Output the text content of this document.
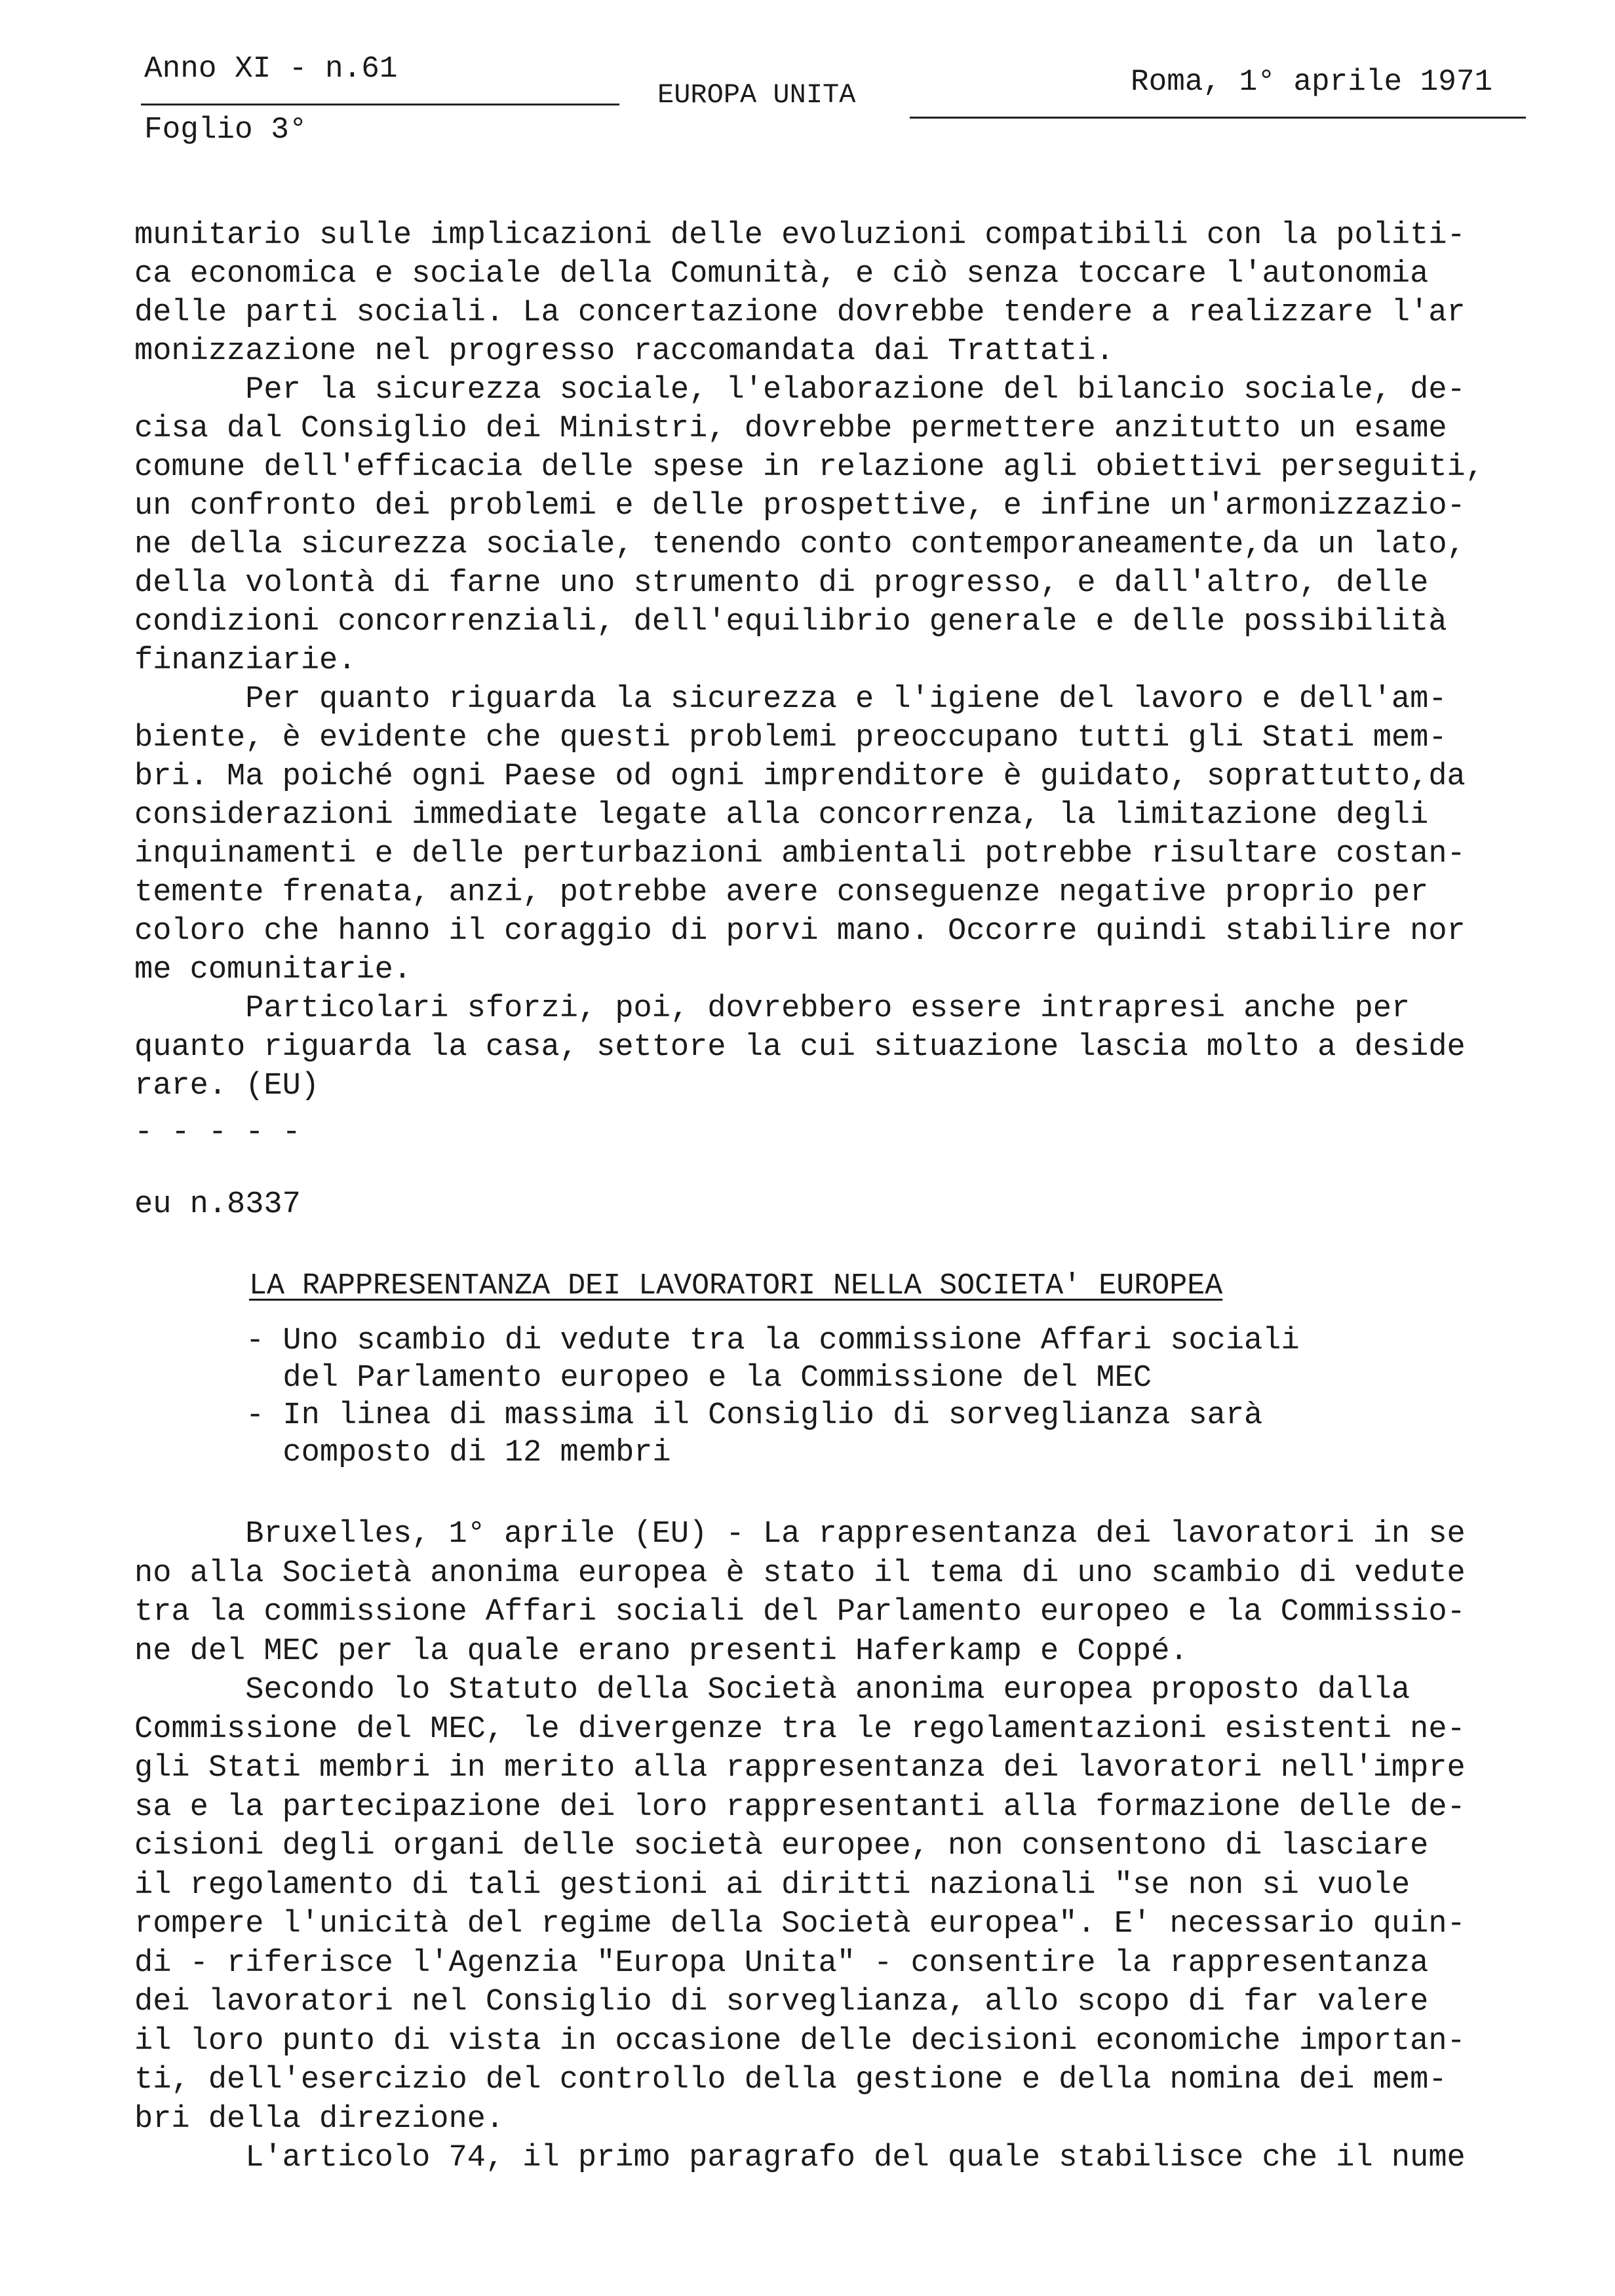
Anno XI - n.61
Foglio 3°
EUROPA UNITA	Roma, 1° aprile 1971
munitario sulle implicazioni delle evoluzioni compatibili con la politi-
ca economica e sociale della Comunità, e ciò senza toccare l'autonomia
delle parti sociali. La concertazione dovrebbe tendere a realizzare l'ar
monizzazione nel progresso raccomandata dai Trattati.
Per la sicurezza sociale, l'elaborazione del bilancio sociale, de-
cisa dal Consiglio dei Ministri, dovrebbe permettere anzitutto un esame
comune dell'efficacia delle spese in relazione agli obiettivi perseguiti,
un confronto dei problemi e delle prospettive, e infine un'armonizzazio-
ne della sicurezza sociale, tenendo conto contemporaneamente,da un lato,
della volontà di farne uno strumento di progresso, e dall'altro, delle
condizioni concorrenziali, dell'equilibrio generale e delle possibilità
finanziarie.
Per quanto riguarda la sicurezza e l'igiene del lavoro e dell'am-
biente, è evidente che questi problemi preoccupano tutti gli Stati mem-
bri. Ma poiché ogni Paese od ogni imprenditore è guidato, soprattutto,da
considerazioni immediate legate alla concorrenza, la limitazione degli
inquinamenti e delle perturbazioni ambientali potrebbe risultare costan-
temente frenata, anzi, potrebbe avere conseguenze negative proprio per
coloro che hanno il coraggio di porvi mano. Occorre quindi stabilire nor
me comunitarie.
Particolari sforzi, poi, dovrebbero essere intrapresi anche per
quanto riguarda la casa, settore la cui situazione lascia molto a deside
rare. (EU)
- - - - -
eu n.8337
LA RAPPRESENTANZA DEI LAVORATORI NELLA SOCIETA' EUROPEA
- Uno scambio di vedute tra la commissione Affari sociali
del Parlamento europeo e la Commissione del MEC
- In linea di massima il Consiglio di sorveglianza sarà
composto di 12 membri
Bruxelles, 1° aprile (EU) - La rappresentanza dei lavoratori in se
no alla Società anonima europea è stato il tema di uno scambio di vedute
tra la commissione Affari sociali del Parlamento europeo e la Commissio-
ne del MEC per la quale erano presenti Haferkamp e Coppé.
Secondo lo Statuto della Società anonima europea proposto dalla
Commissione del MEC, le divergenze tra le regolamentazioni esistenti ne-
gli Stati membri in merito alla rappresentanza dei lavoratori nell'impre
sa e la partecipazione dei loro rappresentanti alla formazione delle de-
cisioni degli organi delle società europee, non consentono di lasciare
il regolamento di tali gestioni ai diritti nazionali "se non si vuole
rompere l'unicità del regime della Società europea". E' necessario quin-
di - riferisce l'Agenzia "Europa Unita" - consentire la rappresentanza
dei lavoratori nel Consiglio di sorveglianza, allo scopo di far valere
il loro punto di vista in occasione delle decisioni economiche importan-
ti, dell'esercizio del controllo della gestione e della nomina dei mem-
bri della direzione.
L'articolo 74, il primo paragrafo del quale stabilisce che il nume
